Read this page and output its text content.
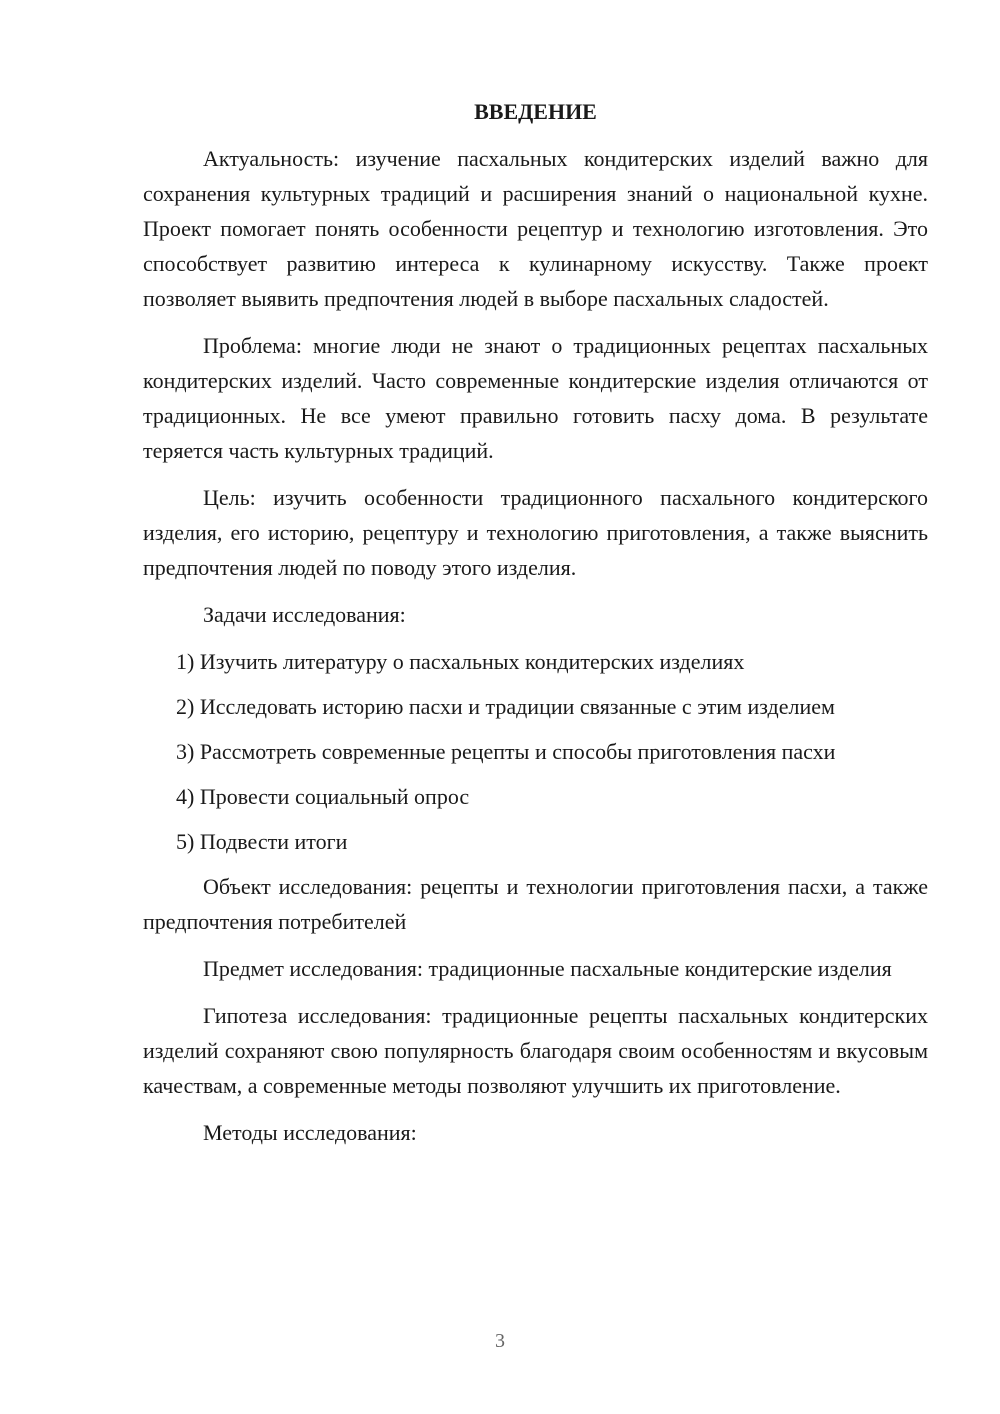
ВВЕДЕНИЕ

Актуальность: изучение пасхальных кондитерских изделий важно для сохранения культурных традиций и расширения знаний о национальной кухне. Проект помогает понять особенности рецептур и технологию изготовления. Это способствует развитию интереса к кулинарному искусству. Также проект позволяет выявить предпочтения людей в выборе пасхальных сладостей.

Проблема: многие люди не знают о традиционных рецептах пасхальных кондитерских изделий. Часто современные кондитерские изделия отличаются от традиционных. Не все умеют правильно готовить пасху дома. В результате теряется часть культурных традиций.

Цель: изучить особенности традиционного пасхального кондитерского изделия, его историю, рецептуру и технологию приготовления, а также выяснить предпочтения людей по поводу этого изделия.

Задачи исследования:

1) Изучить литературу о пасхальных кондитерских изделиях
2) Исследовать историю пасхи и традиции связанные с этим изделием
3) Рассмотреть современные рецепты и способы приготовления пасхи
4) Провести социальный опрос
5) Подвести итоги

Объект исследования: рецепты и технологии приготовления пасхи, а также предпочтения потребителей

Предмет исследования: традиционные пасхальные кондитерские изделия

Гипотеза исследования: традиционные рецепты пасхальных кондитерских изделий сохраняют свою популярность благодаря своим особенностям и вкусовым качествам, а современные методы позволяют улучшить их приготовление.

Методы исследования:

3
